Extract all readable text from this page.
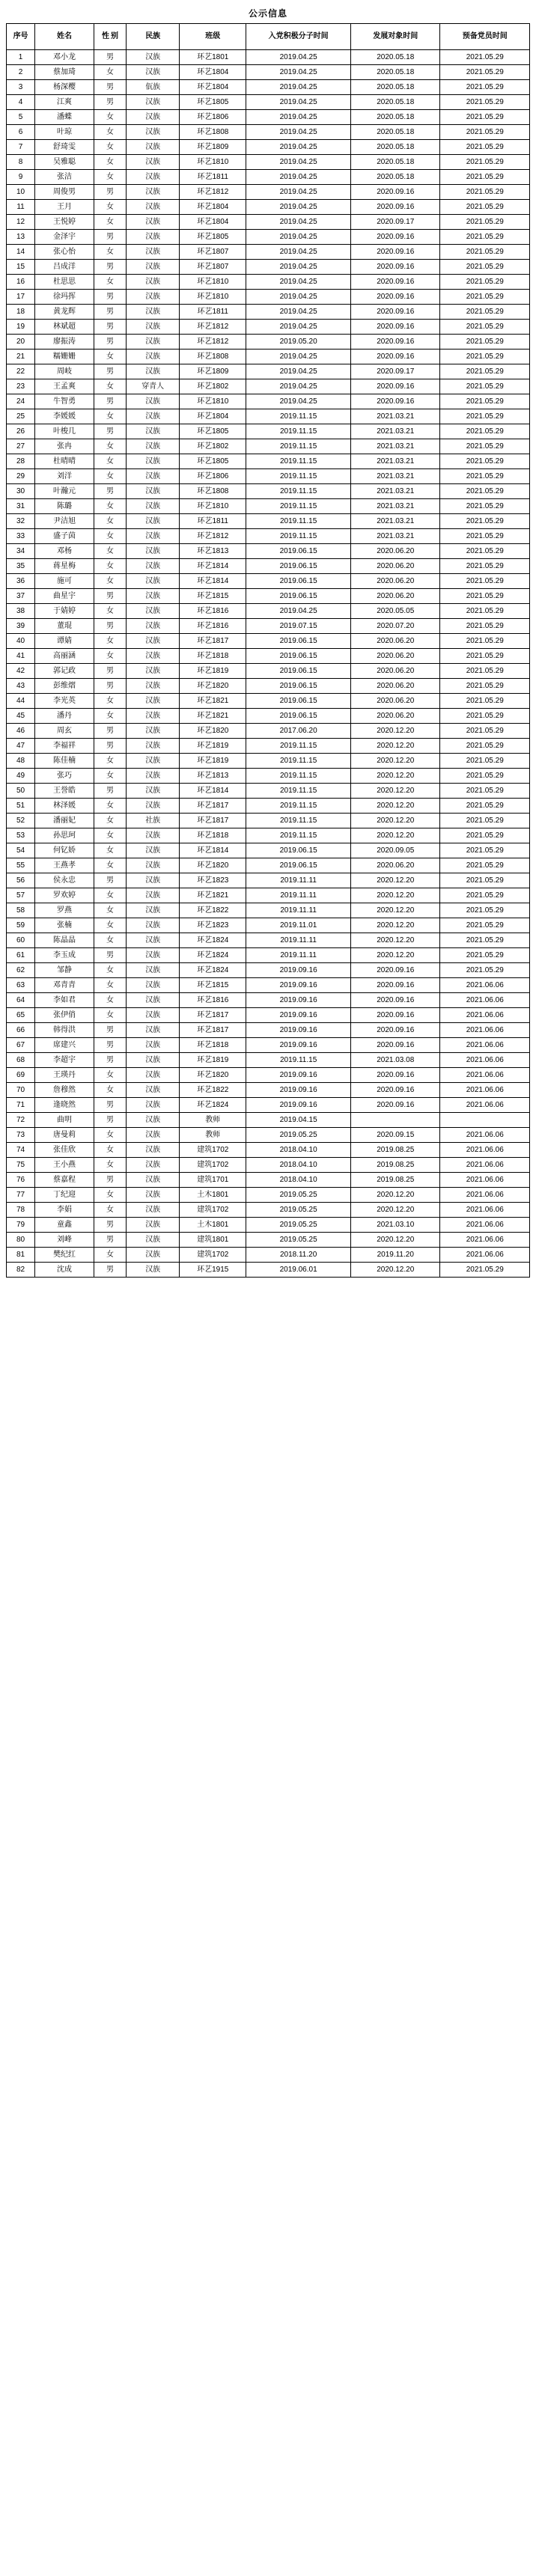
公示信息
序号	姓名	性 别	民族	班级	入党积极分子时间	发展对象时间	预备党员时间
1	邓小龙	男	汉族	环艺1801	2019.04.25	2020.05.18	2021.05.29
2	蔡加琦	女	汉族	环艺1804	2019.04.25	2020.05.18	2021.05.29
3	杨深樱	男	佤族	环艺1804	2019.04.25	2020.05.18	2021.05.29
4	江爽	男	汉族	环艺1805	2019.04.25	2020.05.18	2021.05.29
5	潘蝶	女	汉族	环艺1806	2019.04.25	2020.05.18	2021.05.29
6	叶琼	女	汉族	环艺1808	2019.04.25	2020.05.18	2021.05.29
7	舒琦雯	女	汉族	环艺1809	2019.04.25	2020.05.18	2021.05.29
8	吴雅聪	女	汉族	环艺1810	2019.04.25	2020.05.18	2021.05.29
9	张洁	女	汉族	环艺1811	2019.04.25	2020.05.18	2021.05.29
10	周俊男	男	汉族	环艺1812	2019.04.25	2020.09.16	2021.05.29
11	王月	女	汉族	环艺1804	2019.04.25	2020.09.16	2021.05.29
12	王悦婷	女	汉族	环艺1804	2019.04.25	2020.09.17	2021.05.29
13	金泽宇	男	汉族	环艺1805	2019.04.25	2020.09.16	2021.05.29
14	张心怡	女	汉族	环艺1807	2019.04.25	2020.09.16	2021.05.29
15	吕成洋	男	汉族	环艺1807	2019.04.25	2020.09.16	2021.05.29
16	杜思思	女	汉族	环艺1810	2019.04.25	2020.09.16	2021.05.29
17	徐玛挥	男	汉族	环艺1810	2019.04.25	2020.09.16	2021.05.29
18	黄龙辉	男	汉族	环艺1811	2019.04.25	2020.09.16	2021.05.29
19	林斌超	男	汉族	环艺1812	2019.04.25	2020.09.16	2021.05.29
20	廖振涛	男	汉族	环艺1812	2019.05.20	2020.09.16	2021.05.29
21	糯姗姗	女	汉族	环艺1808	2019.04.25	2020.09.16	2021.05.29
22	周岐	男	汉族	环艺1809	2019.04.25	2020.09.17	2021.05.29
23	王孟爽	女	穿青人	环艺1802	2019.04.25	2020.09.16	2021.05.29
24	牛智勇	男	汉族	环艺1810	2019.04.25	2020.09.16	2021.05.29
25	李媛媛	女	汉族	环艺1804	2019.11.15	2021.03.21	2021.05.29
26	叶梭几	男	汉族	环艺1805	2019.11.15	2021.03.21	2021.05.29
27	张冉	女	汉族	环艺1802	2019.11.15	2021.03.21	2021.05.29
28	杜晴晴	女	汉族	环艺1805	2019.11.15	2021.03.21	2021.05.29
29	刘洋	女	汉族	环艺1806	2019.11.15	2021.03.21	2021.05.29
30	叶瀚元	男	汉族	环艺1808	2019.11.15	2021.03.21	2021.05.29
31	陈璐	女	汉族	环艺1810	2019.11.15	2021.03.21	2021.05.29
32	尹洁旭	女	汉族	环艺1811	2019.11.15	2021.03.21	2021.05.29
33	盛子茵	女	汉族	环艺1812	2019.11.15	2021.03.21	2021.05.29
34	邓杨	女	汉族	环艺1813	2019.06.15	2020.06.20	2021.05.29
35	蒋星梅	女	汉族	环艺1814	2019.06.15	2020.06.20	2021.05.29
36	施可	女	汉族	环艺1814	2019.06.15	2020.06.20	2021.05.29
37	曲星宇	男	汉族	环艺1815	2019.06.15	2020.06.20	2021.05.29
38	于婧婷	女	汉族	环艺1816	2019.04.25	2020.05.05	2021.05.29
39	董琨	男	汉族	环艺1816	2019.07.15	2020.07.20	2021.05.29
40	谭婧	女	汉族	环艺1817	2019.06.15	2020.06.20	2021.05.29
41	高丽涵	女	汉族	环艺1818	2019.06.15	2020.06.20	2021.05.29
42	郭记政	男	汉族	环艺1819	2019.06.15	2020.06.20	2021.05.29
43	彭维熠	男	汉族	环艺1820	2019.06.15	2020.06.20	2021.05.29
44	李光英	女	汉族	环艺1821	2019.06.15	2020.06.20	2021.05.29
45	潘丹	女	汉族	环艺1821	2019.06.15	2020.06.20	2021.05.29
46	周玄	男	汉族	环艺1820	2017.06.20	2020.12.20	2021.05.29
47	李福祥	男	汉族	环艺1819	2019.11.15	2020.12.20	2021.05.29
48	陈佳楠	女	汉族	环艺1819	2019.11.15	2020.12.20	2021.05.29
49	张巧	女	汉族	环艺1813	2019.11.15	2020.12.20	2021.05.29
50	王誉皓	男	汉族	环艺1814	2019.11.15	2020.12.20	2021.05.29
51	林泽媛	女	汉族	环艺1817	2019.11.15	2020.12.20	2021.05.29
52	潘丽妃	女	社族	环艺1817	2019.11.15	2020.12.20	2021.05.29
53	孙思珂	女	汉族	环艺1818	2019.11.15	2020.12.20	2021.05.29
54	何钇娇	女	汉族	环艺1814	2019.06.15	2020.09.05	2021.05.29
55	王燕孝	女	汉族	环艺1820	2019.06.15	2020.06.20	2021.05.29
56	侯永忠	男	汉族	环艺1823	2019.11.11	2020.12.20	2021.05.29
57	罗欢婷	女	汉族	环艺1821	2019.11.11	2020.12.20	2021.05.29
58	罗燕	女	汉族	环艺1822	2019.11.11	2020.12.20	2021.05.29
59	张楠	女	汉族	环艺1823	2019.11.01	2020.12.20	2021.05.29
60	陈晶晶	女	汉族	环艺1824	2019.11.11	2020.12.20	2021.05.29
61	李玉成	男	汉族	环艺1824	2019.11.11	2020.12.20	2021.05.29
62	邹静	女	汉族	环艺1824	2019.09.16	2020.09.16	2021.05.29
63	邓青青	女	汉族	环艺1815	2019.09.16	2020.09.16	2021.06.06
64	李如君	女	汉族	环艺1816	2019.09.16	2020.09.16	2021.06.06
65	张伊俏	女	汉族	环艺1817	2019.09.16	2020.09.16	2021.06.06
66	韩得洪	男	汉族	环艺1817	2019.09.16	2020.09.16	2021.06.06
67	席建兴	男	汉族	环艺1818	2019.09.16	2020.09.16	2021.06.06
68	李超宇	男	汉族	环艺1819	2019.11.15	2021.03.08	2021.06.06
69	王瑛丹	女	汉族	环艺1820	2019.09.16	2020.09.16	2021.06.06
70	詹穆然	女	汉族	环艺1822	2019.09.16	2020.09.16	2021.06.06
71	逢晓然	男	汉族	环艺1824	2019.09.16	2020.09.16	2021.06.06
72	曲明	男	汉族	教师	2019.04.15		
73	唐曼莉	女	汉族	教师	2019.05.25	2020.09.15	2021.06.06
74	张佳欣	女	汉族	建筑1702	2018.04.10	2019.08.25	2021.06.06
75	王小燕	女	汉族	建筑1702	2018.04.10	2019.08.25	2021.06.06
76	蔡嘉程	男	汉族	建筑1701	2018.04.10	2019.08.25	2021.06.06
77	丁纪迎	女	汉族	土木1801	2019.05.25	2020.12.20	2021.06.06
78	李娟	女	汉族	建筑1702	2019.05.25	2020.12.20	2021.06.06
79	童鑫	男	汉族	土木1801	2019.05.25	2021.03.10	2021.06.06
80	刘峰	男	汉族	建筑1801	2019.05.25	2020.12.20	2021.06.06
81	樊纪红	女	汉族	建筑1702	2018.11.20	2019.11.20	2021.06.06
82	沈成	男	汉族	环艺1915	2019.06.01	2020.12.20	2021.05.29
